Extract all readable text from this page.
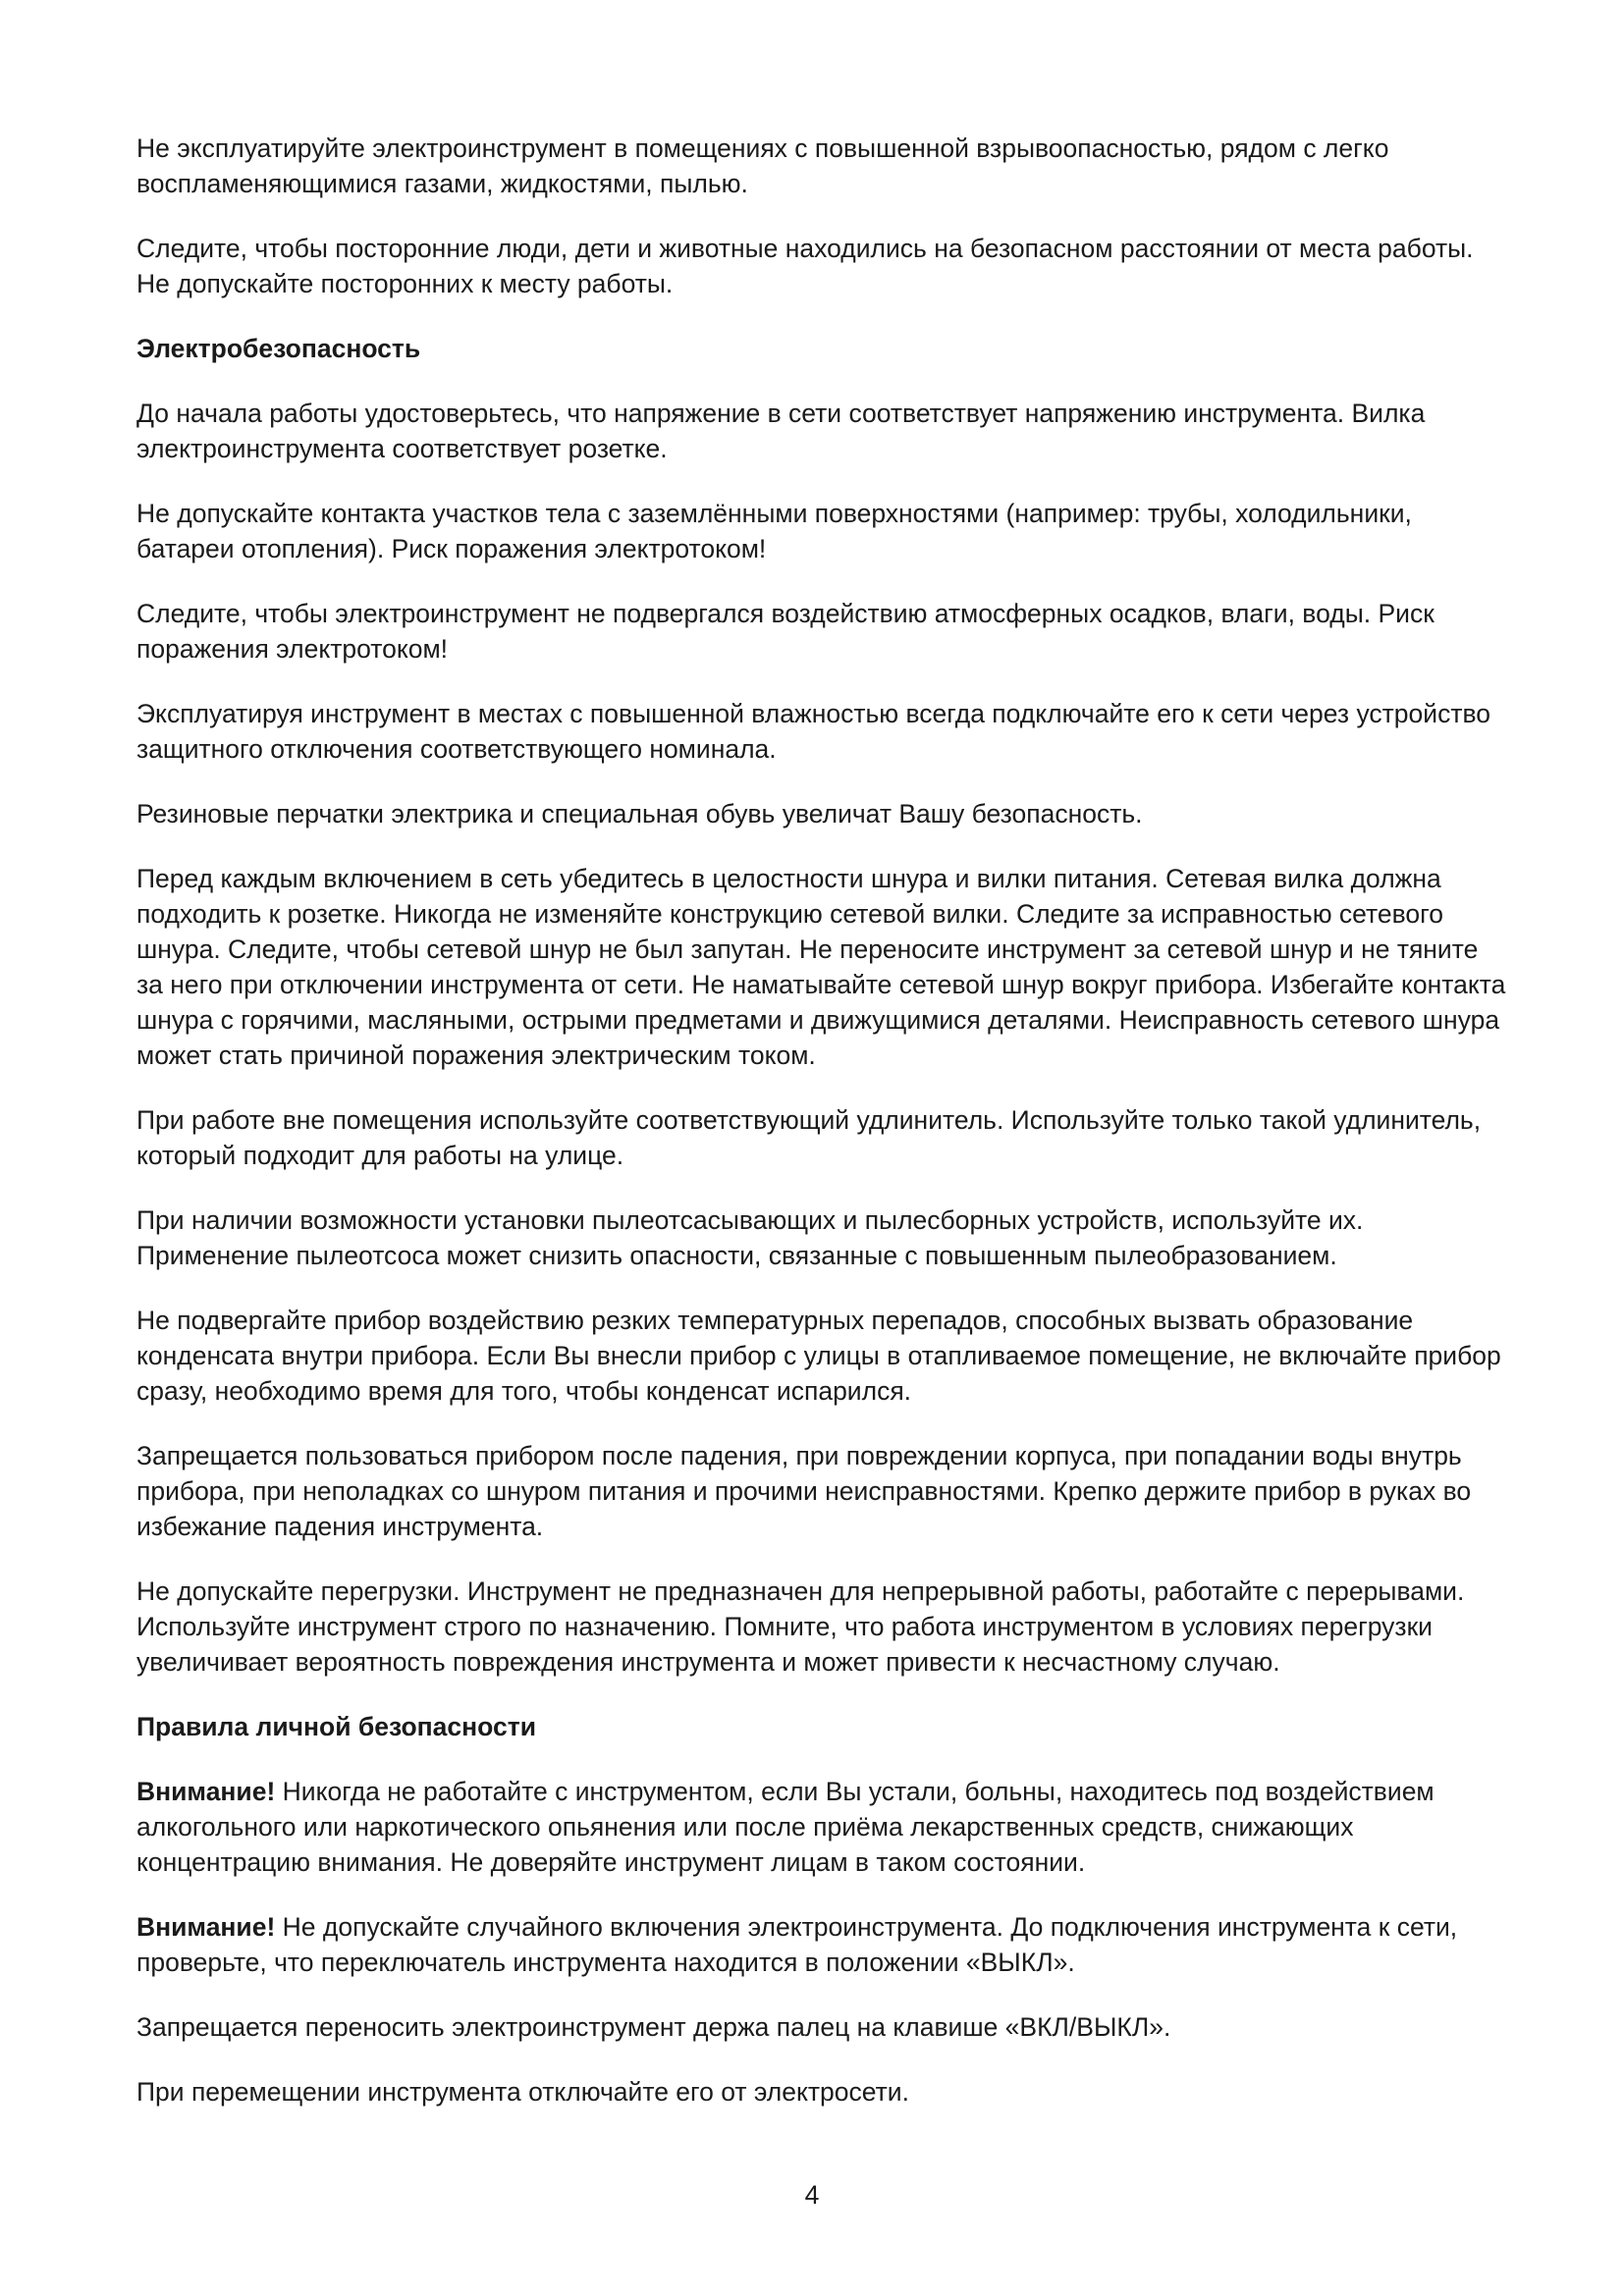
Не эксплуатируйте электроинструмент в помещениях с повышенной взрывоопасностью, рядом с легко воспламеняющимися газами, жидкостями, пылью.

Следите, чтобы посторонние люди, дети и животные находились на безопасном расстоянии от места работы. Не допускайте посторонних к месту работы.

Электробезопасность

До начала работы удостоверьтесь, что напряжение в сети соответствует напряжению инструмента. Вилка электроинструмента соответствует розетке.

Не допускайте контакта участков тела с заземлёнными поверхностями (например: трубы, холодильники, батареи отопления). Риск поражения электротоком!

Следите, чтобы электроинструмент не подвергался воздействию атмосферных осадков, влаги, воды. Риск поражения электротоком!

Эксплуатируя инструмент в местах с повышенной влажностью всегда подключайте его к сети через устройство защитного отключения соответствующего номинала.

Резиновые перчатки электрика и специальная обувь увеличат Вашу безопасность.

Перед каждым включением в сеть убедитесь в целостности шнура и вилки питания. Сетевая вилка должна подходить к розетке. Никогда не изменяйте конструкцию сетевой вилки. Следите за исправностью сетевого шнура. Следите, чтобы сетевой шнур не был запутан. Не переносите инструмент за сетевой шнур и не тяните за него при отключении инструмента от сети. Не наматывайте сетевой шнур вокруг прибора. Избегайте контакта шнура с горячими, масляными, острыми предметами и движущимися деталями. Неисправность сетевого шнура может стать причиной поражения электрическим током.

При работе вне помещения используйте соответствующий удлинитель. Используйте только такой удлинитель, который подходит для работы на улице.

При наличии возможности установки пылеотсасывающих и пылесборных устройств, используйте их. Применение пылеотсоса может снизить опасности, связанные с повышенным пылеобразованием.

Не подвергайте прибор воздействию резких температурных перепадов, способных вызвать образование конденсата внутри прибора. Если Вы внесли прибор с улицы в отапливаемое помещение, не включайте прибор сразу, необходимо время для того, чтобы конденсат испарился.

Запрещается пользоваться прибором после падения, при повреждении корпуса, при попадании воды внутрь прибора, при неполадках со шнуром питания и прочими неисправностями. Крепко держите прибор в руках во избежание падения инструмента.

Не допускайте перегрузки. Инструмент не предназначен для непрерывной работы, работайте с перерывами. Используйте инструмент строго по назначению. Помните, что работа инструментом в условиях перегрузки увеличивает вероятность повреждения инструмента и может привести к несчастному случаю.

Правила личной безопасности

Внимание! Никогда не работайте с инструментом, если Вы устали, больны, находитесь под воздействием алкогольного или наркотического опьянения или после приёма лекарственных средств, снижающих концентрацию внимания. Не доверяйте инструмент лицам в таком состоянии.

Внимание! Не допускайте случайного включения электроинструмента. До подключения инструмента к сети, проверьте, что переключатель инструмента находится в положении «ВЫКЛ».

Запрещается переносить электроинструмент держа палец на клавише «ВКЛ/ВЫКЛ».

При перемещении инструмента отключайте его от электросети.

4
